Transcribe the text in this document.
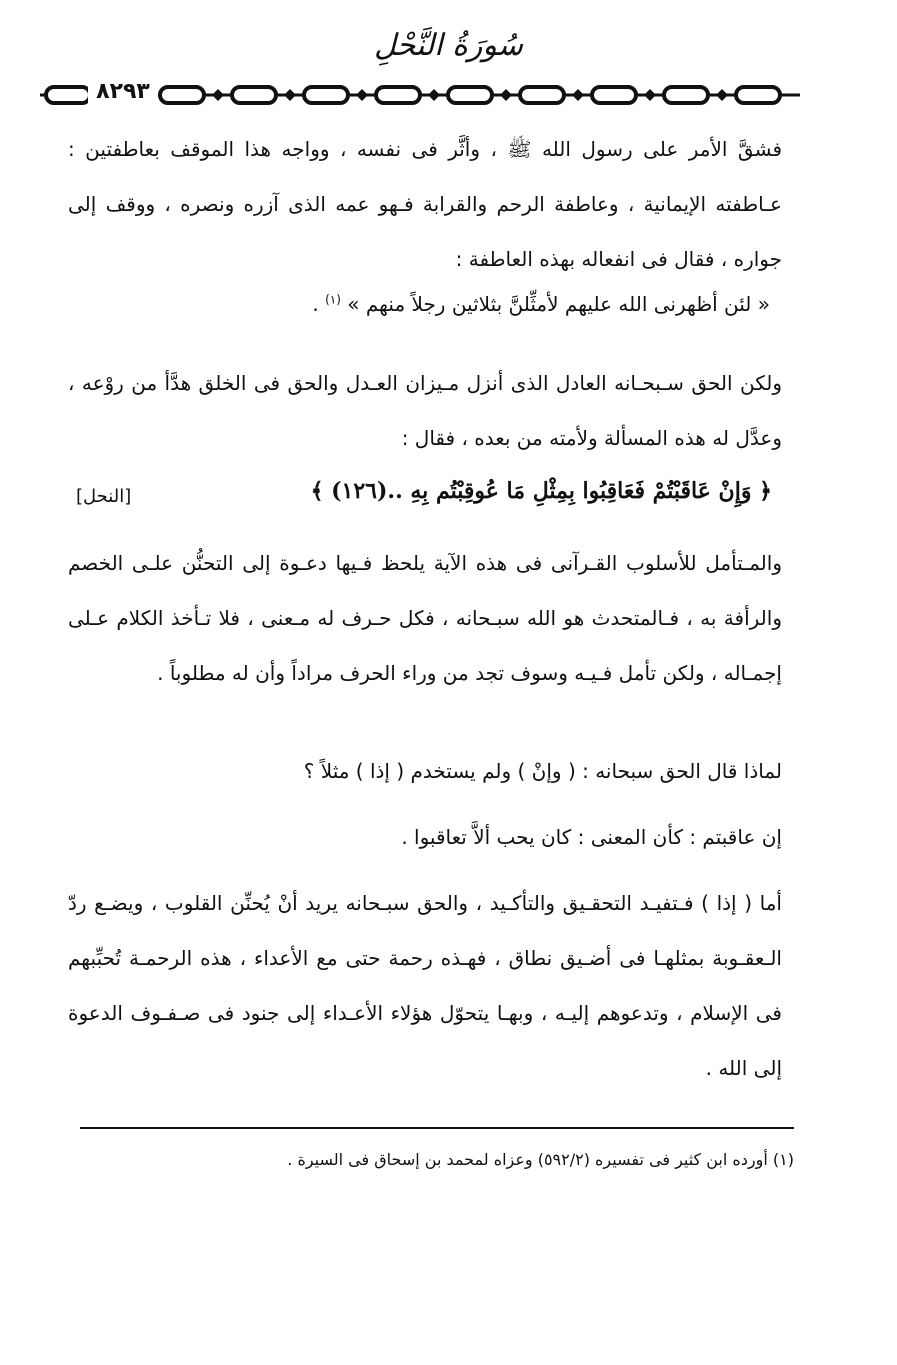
سُورَةُ النَّحْلِ
٨٢٩٣
فشقَّ الأمر على رسول الله ﷺ ، وأثَّر فى نفسه ، وواجه هذا الموقف بعاطفتين : عـاطفته الإيمانية ، وعاطفة الرحم والقرابة فـهو عمه الذى آزره ونصره ، ووقف إلى جواره ، فقال فى انفعاله بهذه العاطفة :
« لئن أظهرنى الله عليهم لأمثِّلنَّ بثلاثين رجلاً منهم » $^{(١)}$ .
ولكن الحق سـبحـانه العادل الذى أنزل مـيزان العـدل والحق فى الخلق هدَّأ من روْعه ، وعدَّل له هذه المسألة ولأمته من بعده ، فقال :
﴿ وَإِنْ عَاقَبْتُمْ فَعَاقِبُوا بِمِثْلِ مَا عُوقِبْتُم بِهِ ..(١٢٦) ﴾
[النحل]
والمـتأمل للأسلوب القـرآنى فى هذه الآية يلحظ فـيها دعـوة إلى التحنُّن علـى الخصم والرأفة به ، فـالمتحدث هو الله سبـحانه ، فكل حـرف له مـعنى ، فلا تـأخذ الكلام عـلى إجمـاله ، ولكن تأمل فـيـه وسوف تجد من وراء الحرف مراداً وأن له مطلوباً .
لماذا قال الحق سبحانه : ( وإنْ ) ولم يستخدم ( إذا ) مثلاً ؟
إن عاقبتم : كأن المعنى : كان يحب ألاَّ تعاقبوا .
أما ( إذا ) فـتفيـد التحقـيق والتأكـيد ، والحق سبـحانه يريد أنْ يُحنِّن القلوب ، ويضـع ردّ الـعقـوبة بمثلهـا فى أضـيق نطاق ، فهـذه رحمة حتى مع الأعداء ، هذه الرحمـة تُحبِّبهم فى الإسلام ، وتدعوهم إليـه ، وبهـا يتحوّل هؤلاء الأعـداء إلى جنود فى صـفـوف الدعوة إلى الله .
(١) أورده ابن كثير فى تفسيره (٥٩٢/٢) وعزاه لمحمد بن إسحاق فى السيرة .
